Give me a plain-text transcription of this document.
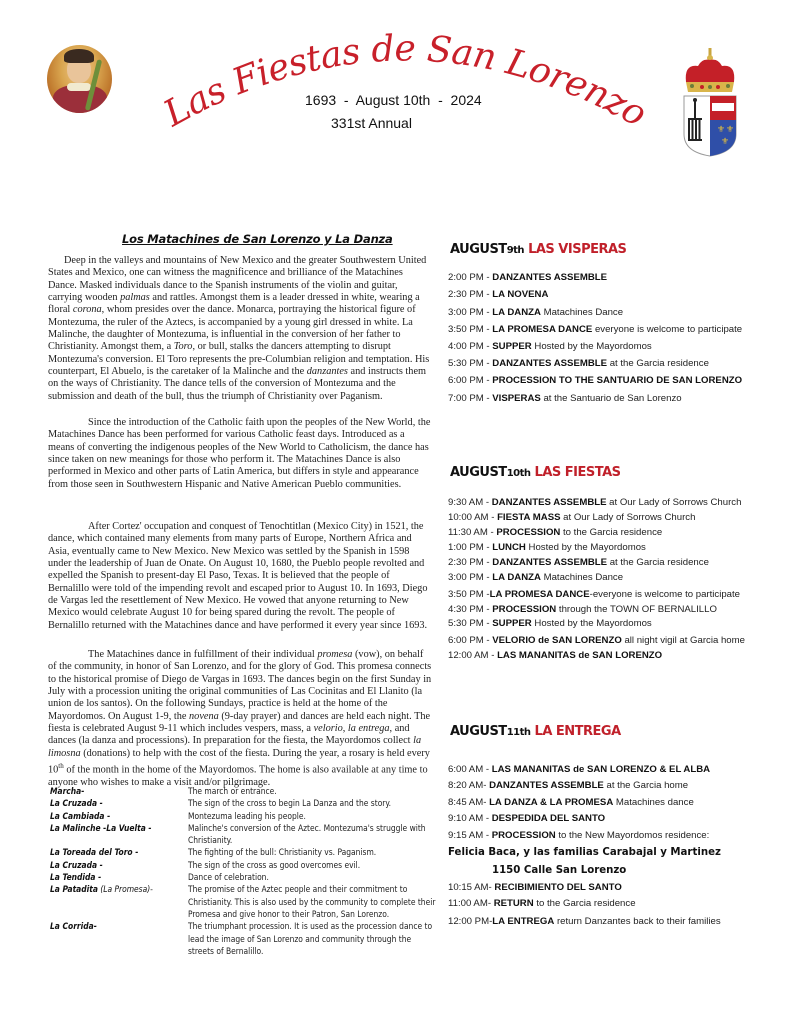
Las Fiestas de San Lorenzo
1693  -  August 10th  -  2024
331st Annual	⚜ ⚜
⚜
Los Matachines de San Lorenzo y La Danza

Deep in the valleys and mountains of New Mexico and the greater Southwestern United States and Mexico, one can witness the magnificence and brilliance of the Matachines Dance. Masked individuals dance to the Spanish instruments of the violin and guitar, carrying wooden palmas and rattles. Amongst them is a leader dressed in white, wearing a floral corona, whom presides over the dance. Monarca, portraying the historical figure of Montezuma, the ruler of the Aztecs, is accompanied by a young girl dressed in white. La Malinche, the daughter of Montezuma, is influential in the conversion of her father to Christianity. Amongst them, a Toro, or bull, stalks the dancers attempting to disrupt Montezuma's conversion. El Toro represents the pre-Columbian religion and temptation. His counterpart, El Abuelo, is the caretaker of la Malinche and the danzantes and instructs them on the ways of Christianity. The dance tells of the conversion of Montezuma and the submission and death of the bull, thus the triumph of Christianity over Paganism.

Since the introduction of the Catholic faith upon the peoples of the New World, the Matachines Dance has been performed for various Catholic feast days. Introduced as a means of converting the indigenous peoples of the New World to Catholicism, the dance has since taken on new meanings for those who perform it. The Matachines Dance is also performed in Mexico and other parts of Latin America, but differs in style and appearance from those seen in Southwestern Hispanic and Native American Pueblo communities.

After Cortez' occupation and conquest of Tenochtitlan (Mexico City) in 1521, the dance, which contained many elements from many parts of Europe, Northern Africa and Asia, eventually came to New Mexico. New Mexico was settled by the Spanish in 1598 under the leadership of Juan de Onate. On August 10, 1680, the Pueblo people revolted and expelled the Spanish to present-day El Paso, Texas. It is believed that the people of Bernalillo were told of the impending revolt and escaped prior to August 10. In 1693, Diego de Vargas led the resettlement of New Mexico. He vowed that anyone returning to New Mexico would celebrate August 10 for being spared during the revolt. The people of Bernalillo returned with the Matachines dance and have performed it every year since 1693.

The Matachines dance in fulfillment of their individual promesa (vow), on behalf of the community, in honor of San Lorenzo, and for the glory of God. This promesa connects to the historical promise of Diego de Vargas in 1693. The dances begin on the first Sunday in July with a procession uniting the original communities of Las Cocinitas and El Llanito (la union de los santos). On the following Sundays, practice is held at the home of the Mayordomos. On August 1-9, the novena (9-day prayer) and dances are held each night. The fiesta is celebrated August 9-11 which includes vespers, mass, a velorio, la entrega, and dances (la danza and processions). In preparation for the fiesta, the Mayordomos collect la limosna (donations) to help with the cost of the fiesta. During the year, a rosary is held every 10th of the month in the home of the Mayordomos. The home is also available at any time to anyone who wishes to make a visit and/or pilgrimage.

Marcha-	The march or entrance.
La Cruzada -	The sign of the cross to begin La Danza and the story.
La Cambiada -	Montezuma leading his people.
La Malinche -La Vuelta -	Malinche's conversion of the Aztec. Montezuma's struggle with Christianity.
La Toreada del Toro -	The fighting of the bull: Christianity vs. Paganism.
La Cruzada -	The sign of the cross as good overcomes evil.
La Tendida -	Dance of celebration.
La Patadita (La Promesa)-	The promise of the Aztec people and their commitment to Christianity. This is also used by the community to complete their Promesa and give honor to their Patron, San Lorenzo.
La Corrida-	The triumphant procession. It is used as the procession dance to lead the image of San Lorenzo and community through the streets of Bernalillo.
AUGUST9th LAS VISPERAS
2:00 PM - DANZANTES ASSEMBLE
2:30 PM - LA NOVENA
3:00 PM - LA DANZA Matachines Dance
3:50 PM - LA PROMESA DANCE everyone is welcome to participate
4:00 PM - SUPPER Hosted by the Mayordomos
5:30 PM - DANZANTES ASSEMBLE at the Garcia residence
6:00 PM - PROCESSION TO THE SANTUARIO DE SAN LORENZO
7:00 PM - VISPERAS at the Santuario de San Lorenzo
AUGUST10th LAS FIESTAS
9:30 AM - DANZANTES ASSEMBLE at Our Lady of Sorrows Church
10:00 AM - FIESTA MASS at Our Lady of Sorrows Church
11:30 AM - PROCESSION to the Garcia residence
1:00 PM - LUNCH Hosted by the Mayordomos
2:30 PM - DANZANTES ASSEMBLE at the Garcia residence
3:00 PM - LA DANZA Matachines Dance
3:50 PM -LA PROMESA DANCE-everyone is welcome to participate
4:30 PM - PROCESSION through the TOWN OF BERNALILLO
5:30 PM - SUPPER Hosted by the Mayordomos
6:00 PM - VELORIO de SAN LORENZO all night vigil at Garcia home
12:00 AM - LAS MANANITAS de SAN LORENZO
AUGUST11th LA ENTREGA
6:00 AM - LAS MANANITAS de SAN LORENZO & EL ALBA
8:20 AM- DANZANTES ASSEMBLE at the Garcia home
8:45 AM- LA DANZA & LA PROMESA Matachines dance
9:10 AM - DESPEDIDA DEL SANTO
9:15 AM - PROCESSION to the New Mayordomos residence:
Felicia Baca, y las familias Carabajal y Martinez
1150 Calle San Lorenzo
10:15 AM- RECIBIMIENTO DEL SANTO
11:00 AM- RETURN to the Garcia residence
12:00 PM-LA ENTREGA return Danzantes back to their families
